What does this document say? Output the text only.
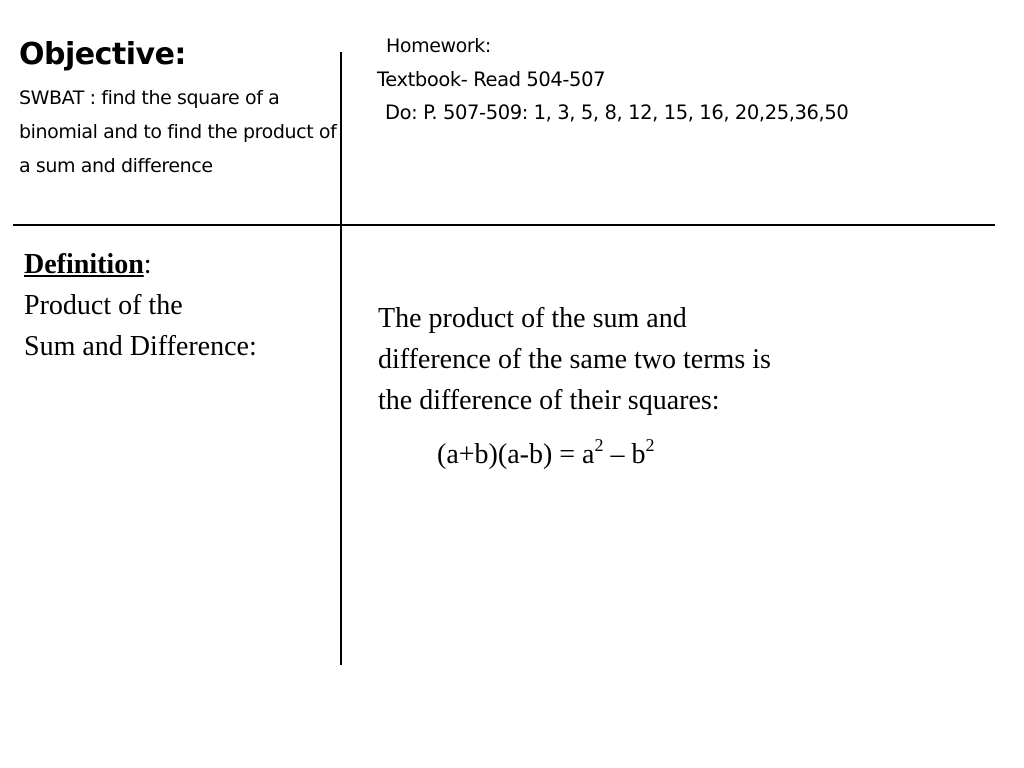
Objective:
SWBAT : find the square of a binomial and to find the product of a sum and difference
Homework:
Textbook- Read 504-507
Do: P. 507-509: 1, 3, 5, 8, 12, 15, 16, 20,25,36,50
Definition:
Product of the
Sum and Difference:
The product of the sum and
difference of the same two terms is
the difference of their squares:
$(a+b)(a-b) = a^2 - b^2$
